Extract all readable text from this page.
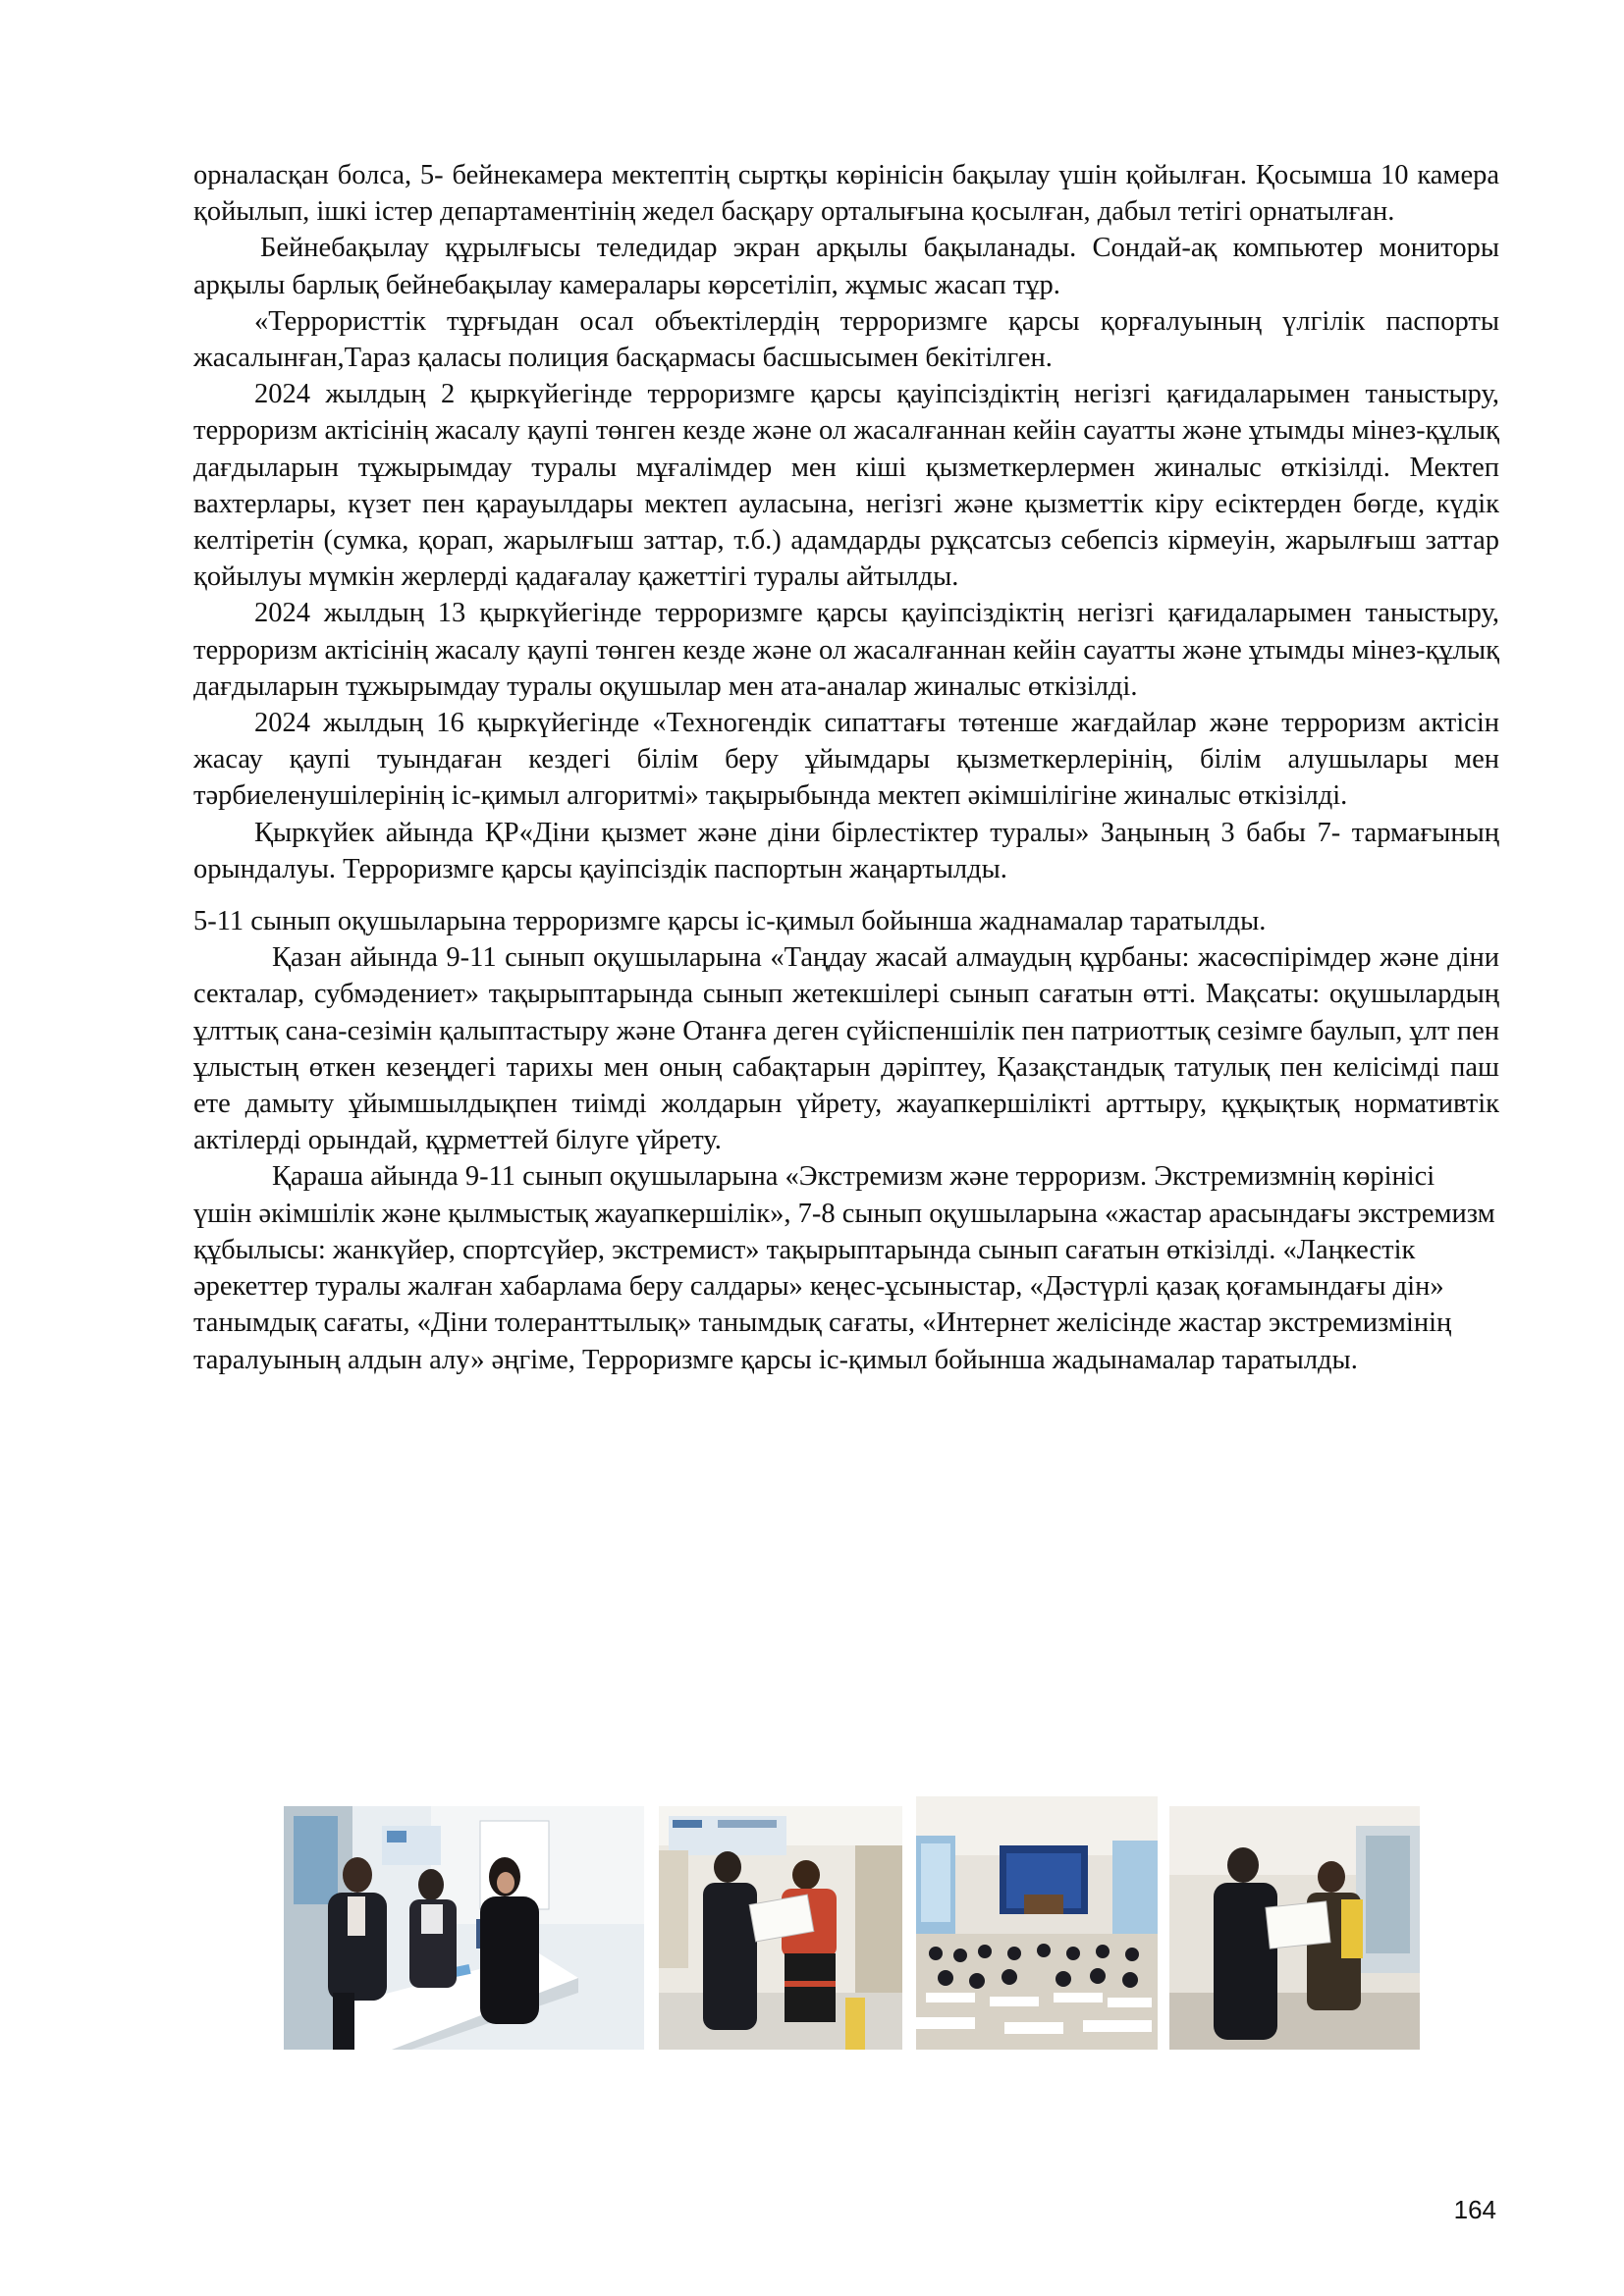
орналасқан болса, 5- бейнекамера мектептің сыртқы көрінісін бақылау үшін қойылған. Қосымша 10 камера қойылып, ішкі істер департаментінің жедел басқару орталығына қосылған, дабыл тетігі орнатылған.

Бейнебақылау құрылғысы теледидар экран арқылы бақыланады. Сондай-ақ компьютер мониторы арқылы барлық бейнебақылау камералары көрсетіліп, жұмыс жасап тұр.

«Террористтік тұрғыдан осал объектілердің терроризмге қарсы қорғалуының үлгілік паспорты жасалынған,Тараз қаласы полиция басқармасы басшысымен бекітілген.

2024 жылдың 2 қыркүйегінде терроризмге қарсы қауіпсіздіктің негізгі қағидаларымен таныстыру, терроризм актісінің жасалу қаупі төнген кезде және ол жасалғаннан кейін сауатты және ұтымды мінез-құлық дағдыларын тұжырымдау туралы мұғалімдер мен кіші қызметкерлермен жиналыс өткізілді. Мектеп вахтерлары, күзет пен қарауылдары мектеп ауласына, негізгі және қызметтік кіру есіктерден бөгде, күдік келтіретін (сумка, қорап, жарылғыш заттар, т.б.) адамдарды рұқсатсыз себепсіз кірмеуін, жарылғыш заттар қойылуы мүмкін жерлерді қадағалау қажеттігі туралы айтылды.

2024 жылдың 13 қыркүйегінде терроризмге қарсы қауіпсіздіктің негізгі қағидаларымен таныстыру, терроризм актісінің жасалу қаупі төнген кезде және ол жасалғаннан кейін сауатты және ұтымды мінез-құлық дағдыларын тұжырымдау туралы оқушылар мен ата-аналар жиналыс өткізілді.

2024 жылдың 16 қыркүйегінде «Техногендік сипаттағы төтенше жағдайлар және терроризм актісін жасау қаупі туындаған кездегі білім беру ұйымдары қызметкерлерінің, білім алушылары мен тәрбиеленушілерінің іс-қимыл алгоритмі» тақырыбында мектеп әкімшілігіне жиналыс өткізілді.

Қыркүйек айында ҚР«Діни қызмет және діни бірлестіктер туралы» Заңының 3 бабы 7- тармағының орындалуы. Терроризмге қарсы қауіпсіздік паспортын жаңартылды.

5-11 сынып оқушыларына терроризмге қарсы іс-қимыл бойынша жаднамалар таратылды.

Қазан айында 9-11 сынып оқушыларына «Таңдау жасай алмаудың құрбаны: жасөспірімдер және діни секталар, субмәдениет» тақырыптарында сынып жетекшілері сынып сағатын өтті. Мақсаты: оқушылардың ұлттық сана-сезімін қалыптастыру және Отанға деген сүйіспеншілік пен патриоттық сезімге баулып, ұлт пен ұлыстың өткен кезеңдегі тарихы мен оның сабақтарын дәріптеу, Қазақстандық татулық пен келісімді паш ете дамыту ұйымшылдықпен тиімді жолдарын үйрету, жауапкершілікті арттыру, құқықтық нормативтік актілерді орындай, құрметтей білуге үйрету.

Қараша айында 9-11 сынып оқушыларына «Экстремизм және терроризм. Экстремизмнің көрінісі үшін әкімшілік және қылмыстық жауапкершілік», 7-8 сынып оқушыларына «жастар арасындағы экстремизм құбылысы: жанкүйер, спортсүйер, экстремист» тақырыптарында сынып сағатын өткізілді. «Лаңкестік әрекеттер туралы жалған хабарлама беру салдары» кеңес-ұсыныстар, «Дәстүрлі қазақ қоғамындағы дін» танымдық сағаты, «Діни толеранттылық» танымдық сағаты, «Интернет желісінде жастар экстремизмінің таралуының алдын алу» әңгіме, Терроризмге қарсы іс-қимыл бойынша жадынамалар таратылды.

164
